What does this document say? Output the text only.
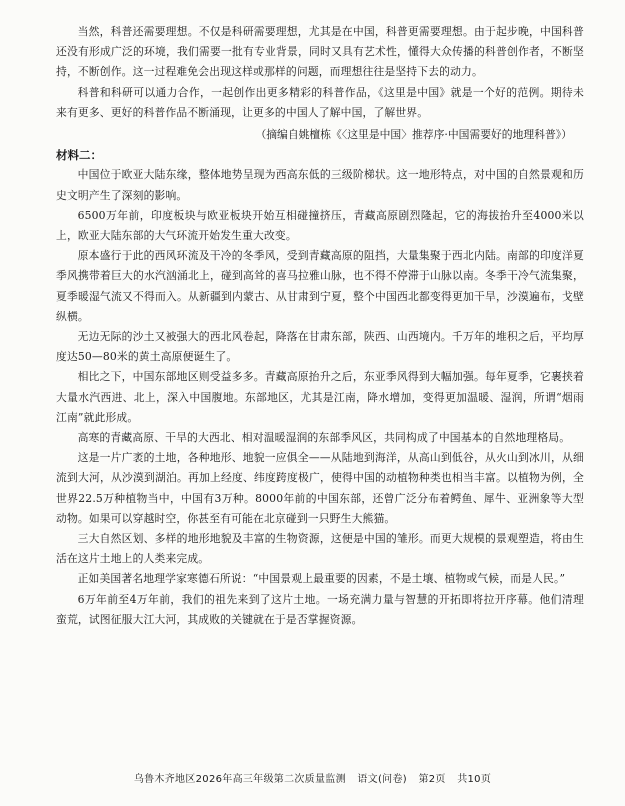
当然，科普还需要理想。不仅是科研需要理想，尤其是在中国，科普更需要理想。由于起步晚，中国科普还没有形成广泛的环境，我们需要一批有专业背景，同时又具有艺术性，懂得大众传播的科普创作者，不断坚持，不断创作。这一过程难免会出现这样或那样的问题，而理想往往是坚持下去的动力。

科普和科研可以通力合作，一起创作出更多精彩的科普作品，《这里是中国》就是一个好的范例。期待未来有更多、更好的科普作品不断涌现，让更多的中国人了解中国，了解世界。

（摘编自姚檀栋《〈这里是中国〉推荐序·中国需要好的地理科普》）

材料二：

中国位于欧亚大陆东缘，整体地势呈现为西高东低的三级阶梯状。这一地形特点，对中国的自然景观和历史文明产生了深刻的影响。

6500万年前，印度板块与欧亚板块开始互相碰撞挤压，青藏高原剧烈隆起，它的海拔抬升至4000米以上，欧亚大陆东部的大气环流开始发生重大改变。

原本盛行于此的西风环流及干冷的冬季风，受到青藏高原的阻挡，大量集聚于西北内陆。南部的印度洋夏季风携带着巨大的水汽汹涌北上，碰到高耸的喜马拉雅山脉，也不得不停滞于山脉以南。冬季干冷气流集聚，夏季暖湿气流又不得而入。从新疆到内蒙古、从甘肃到宁夏，整个中国西北都变得更加干旱，沙漠遍布，戈壁纵横。

无边无际的沙土又被强大的西北风卷起，降落在甘肃东部，陕西、山西境内。千万年的堆积之后，平均厚度达50—80米的黄土高原便诞生了。

相比之下，中国东部地区则受益多多。青藏高原抬升之后，东亚季风得到大幅加强。每年夏季，它裹挟着大量水汽西进、北上，深入中国腹地。东部地区，尤其是江南，降水增加，变得更加温暖、湿润，所谓“烟雨江南”就此形成。

高寒的青藏高原、干旱的大西北、相对温暖湿润的东部季风区，共同构成了中国基本的自然地理格局。

这是一片广袤的土地，各种地形、地貌一应俱全——从陆地到海洋，从高山到低谷，从火山到冰川，从细流到大河，从沙漠到湖泊。再加上经度、纬度跨度极广，使得中国的动植物种类也相当丰富。以植物为例，全世界22.5万种植物当中，中国有3万种。8000年前的中国东部，还曾广泛分布着鳄鱼、犀牛、亚洲象等大型动物。如果可以穿越时空，你甚至有可能在北京碰到一只野生大熊猫。

三大自然区划、多样的地形地貌及丰富的生物资源，这便是中国的雏形。而更大规模的景观塑造，将由生活在这片土地上的人类来完成。

正如美国著名地理学家寒德石所说：“中国景观上最重要的因素，不是土壤、植物或气候，而是人民。”

6万年前至4万年前，我们的祖先来到了这片土地。一场充满力量与智慧的开拓即将拉开序幕。他们清理蛮荒，试图征服大江大河，其成败的关键就在于是否掌握资源。

乌鲁木齐地区2026年高三年级第二次质量监测 语文(问卷) 第2页 共10页
